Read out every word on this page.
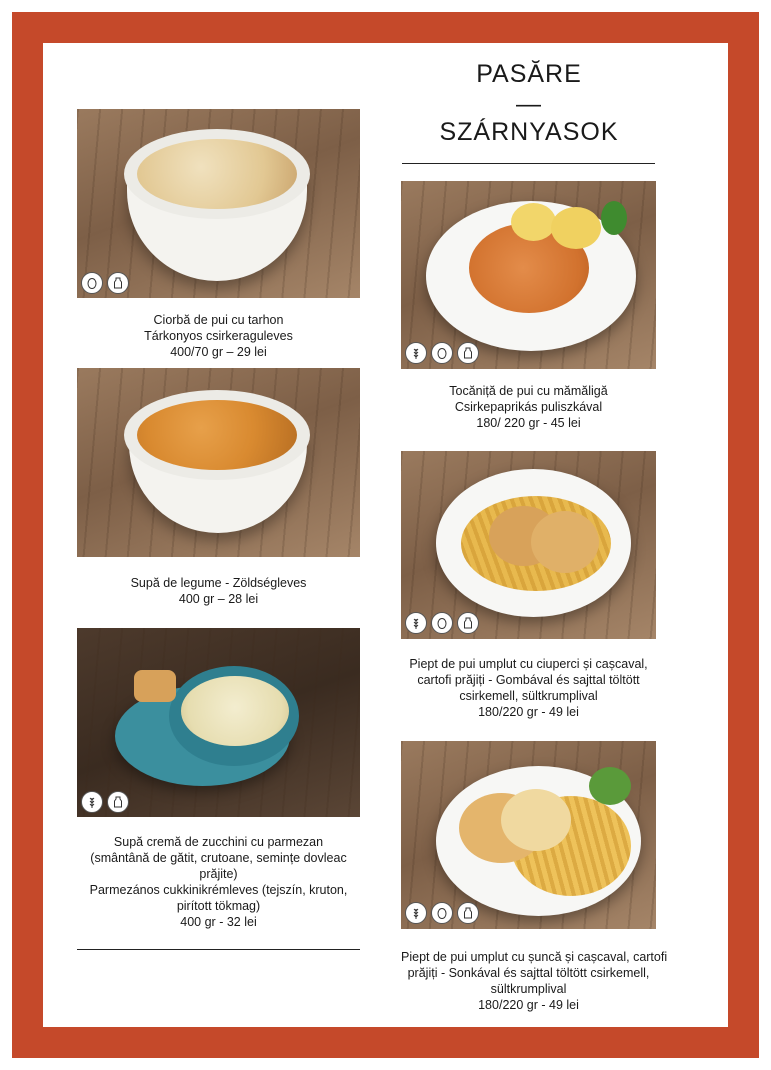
PASĂRE
—
SZÁRNYASOK
Ciorbă de pui cu tarhon
Tárkonyos csirkeraguleves
400/70 gr – 29 lei
Supă de legume - Zöldségleves
400 gr – 28 lei
Supă cremă de zucchini cu parmezan
(smântână de gătit, crutoane, semințe dovleac
prăjite)
Parmezános cukkinikrémleves (tejszín, kruton,
pirított tökmag)
400 gr - 32 lei
Tocăniță de pui cu mămăligă
Csirkepaprikás puliszkával
180/ 220 gr - 45 lei
Piept de pui umplut cu ciuperci și cașcaval,
cartofi prăjiți - Gombával és sajttal töltött
csirkemell, sültkrumplival
180/220 gr - 49 lei
Piept de pui umplut cu șuncă și cașcaval, cartofi
prăjiți - Sonkával és sajttal töltött csirkemell,
sültkrumplival
180/220 gr - 49 lei
